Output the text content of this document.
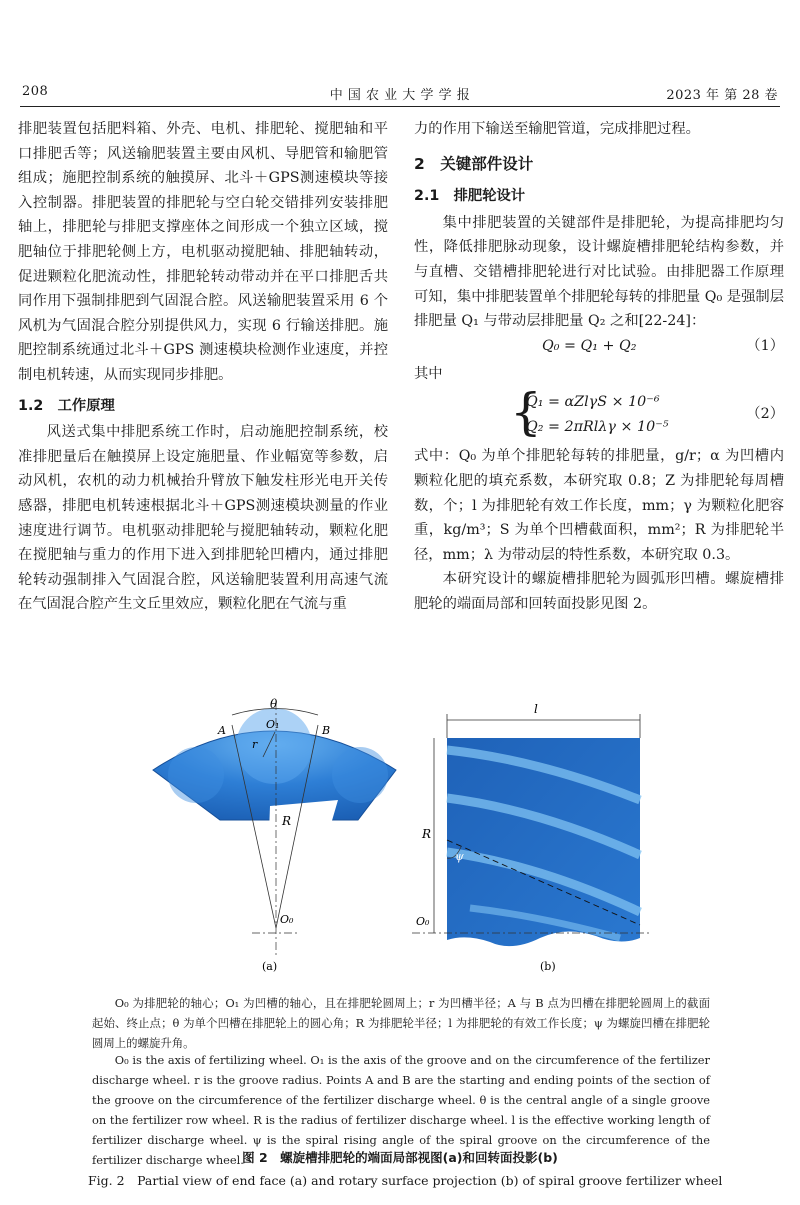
208	中 国 农 业 大 学 学 报	2023 年 第 28 卷

排肥装置包括肥料箱、外壳、电机、排肥轮、搅肥轴和平口排肥舌等；风送输肥装置主要由风机、导肥管和输肥管组成；施肥控制系统的触摸屏、北斗＋GPS测速模块等接入控制器。排肥装置的排肥轮与空白轮交错排列安装排肥轴上，排肥轮与排肥支撑座体之间形成一个独立区域，搅肥轴位于排肥轮侧上方，电机驱动搅肥轴、排肥轴转动，促进颗粒化肥流动性，排肥轮转动带动并在平口排肥舌共同作用下强制排肥到气固混合腔。风送输肥装置采用 6 个风机为气固混合腔分别提供风力，实现 6 行输送排肥。施肥控制系统通过北斗＋GPS 测速模块检测作业速度，并控制电机转速，从而实现同步排肥。

1.2　工作原理

风送式集中排肥系统工作时，启动施肥控制系统，校准排肥量后在触摸屏上设定施肥量、作业幅宽等参数，启动风机，农机的动力机械抬升臂放下触发柱形光电开关传感器，排肥电机转速根据北斗＋GPS测速模块测量的作业速度进行调节。电机驱动排肥轮与搅肥轴转动，颗粒化肥在搅肥轴与重力的作用下进入到排肥轮凹槽内，通过排肥轮转动强制排入气固混合腔，风送输肥装置利用高速气流在气固混合腔产生文丘里效应，颗粒化肥在气流与重

力的作用下输送至输肥管道，完成排肥过程。

2　关键部件设计
2.1　排肥轮设计

集中排肥装置的关键部件是排肥轮，为提高排肥均匀性，降低排肥脉动现象，设计螺旋槽排肥轮结构参数，并与直槽、交错槽排肥轮进行对比试验。由排肥器工作原理可知，集中排肥装置单个排肥轮每转的排肥量 Q₀ 是强制层排肥量 Q₁ 与带动层排肥量 Q₂ 之和[22-24]：

Q₀ = Q₁ + Q₂	（1）

其中

{
Q₁ = αZlγS × 10⁻⁶
Q₂ = 2πRlλγ × 10⁻⁵
（2）

式中：Q₀ 为单个排肥轮每转的排肥量，g/r；α 为凹槽内颗粒化肥的填充系数，本研究取 0.8；Z 为排肥轮每周槽数，个；l 为排肥轮有效工作长度，mm；γ 为颗粒化肥容重，kg/m³；S 为单个凹槽截面积，mm²；R 为排肥轮半径，mm；λ 为带动层的特性系数，本研究取 0.3。

本研究设计的螺旋槽排肥轮为圆弧形凹槽。螺旋槽排肥轮的端面局部和回转面投影见图 2。

θ
O₁
A	B
r
R
O₀
(a)
l
R
ψ
O₀
(b)

O₀ 为排肥轮的轴心；O₁ 为凹槽的轴心，且在排肥轮圆周上；r 为凹槽半径；A 与 B 点为凹槽在排肥轮圆周上的截面起始、终止点；θ 为单个凹槽在排肥轮上的圆心角；R 为排肥轮半径；l 为排肥轮的有效工作长度；ψ 为螺旋凹槽在排肥轮圆周上的螺旋升角。

O₀ is the axis of fertilizing wheel. O₁ is the axis of the groove and on the circumference of the fertilizer discharge wheel. r is the groove radius. Points A and B are the starting and ending points of the section of the groove on the circumference of the fertilizer discharge wheel. θ is the central angle of a single groove on the fertilizer row wheel. R is the radius of fertilizer discharge wheel. l is the effective working length of fertilizer discharge wheel. ψ is the spiral rising angle of the spiral groove on the circumference of the fertilizer discharge wheel.

图 2　螺旋槽排肥轮的端面局部视图(a)和回转面投影(b)
Fig. 2　Partial view of end face (a) and rotary surface projection (b) of spiral groove fertilizer wheel
